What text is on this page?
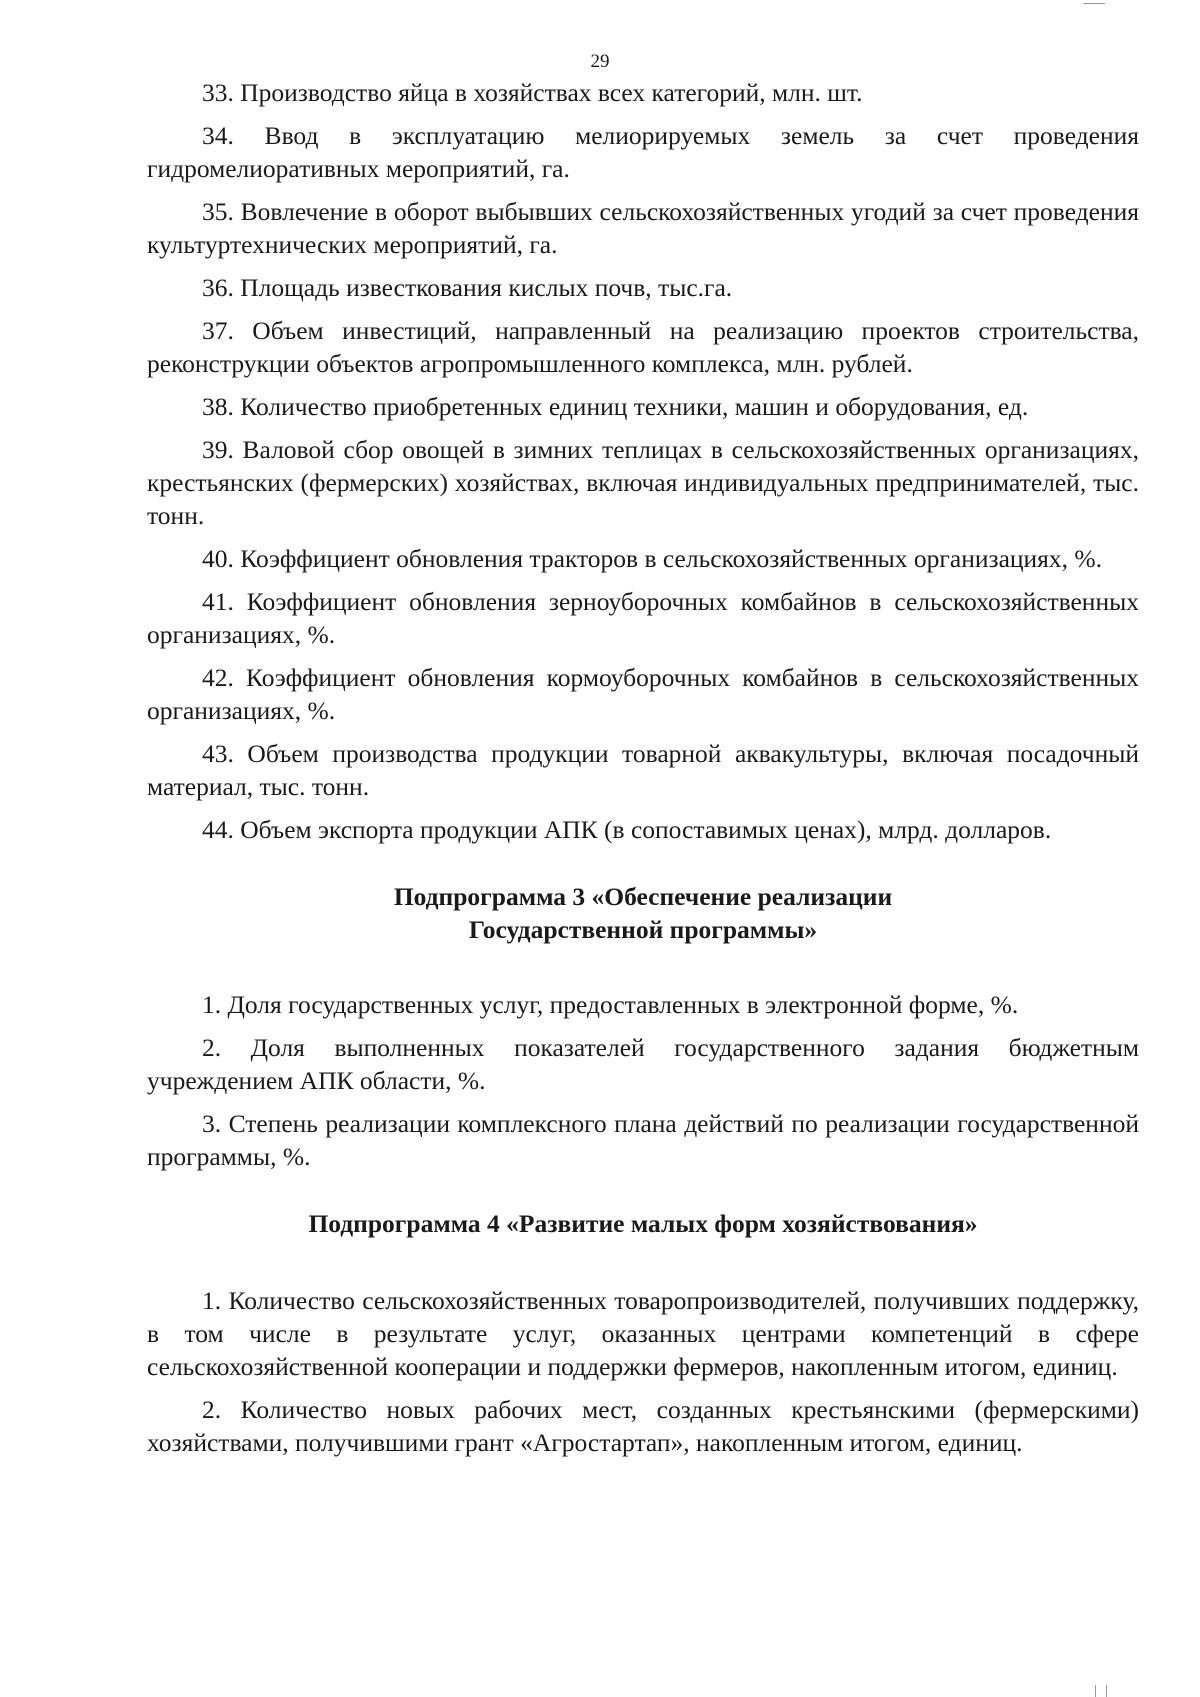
29

33. Производство яйца в хозяйствах всех категорий, млн. шт.

34. Ввод в эксплуатацию мелиорируемых земель за счет проведения гидромелиоративных мероприятий, га.

35. Вовлечение в оборот выбывших сельскохозяйственных угодий за счет проведения культуртехнических мероприятий, га.

36. Площадь известкования кислых почв, тыс.га.

37. Объем инвестиций, направленный на реализацию проектов строительства, реконструкции объектов агропромышленного комплекса, млн. рублей.

38. Количество приобретенных единиц техники, машин и оборудования, ед.

39. Валовой сбор овощей в зимних теплицах в сельскохозяйственных организациях, крестьянских (фермерских) хозяйствах, включая индивидуальных предпринимателей, тыс. тонн.

40. Коэффициент обновления тракторов в сельскохозяйственных организациях, %.

41. Коэффициент обновления зерноуборочных комбайнов в сельскохозяйственных организациях, %.

42. Коэффициент обновления кормоуборочных комбайнов в сельскохозяйственных организациях, %.

43. Объем производства продукции товарной аквакультуры, включая посадочный материал, тыс. тонн.

44. Объем экспорта продукции АПК (в сопоставимых ценах), млрд. долларов.

Подпрограмма 3 «Обеспечение реализации
Государственной программы»

1. Доля государственных услуг, предоставленных в электронной форме, %.

2. Доля выполненных показателей государственного задания бюджетным учреждением АПК области, %.

3. Степень реализации комплексного плана действий по реализации государственной программы, %.

Подпрограмма 4 «Развитие малых форм хозяйствования»

1. Количество сельскохозяйственных товаропроизводителей, получивших поддержку, в том числе в результате услуг, оказанных центрами компетенций в сфере сельскохозяйственной кооперации и поддержки фермеров, накопленным итогом, единиц.

2. Количество новых рабочих мест, созданных крестьянскими (фермерскими) хозяйствами, получившими грант «Агростартап», накопленным итогом, единиц.
